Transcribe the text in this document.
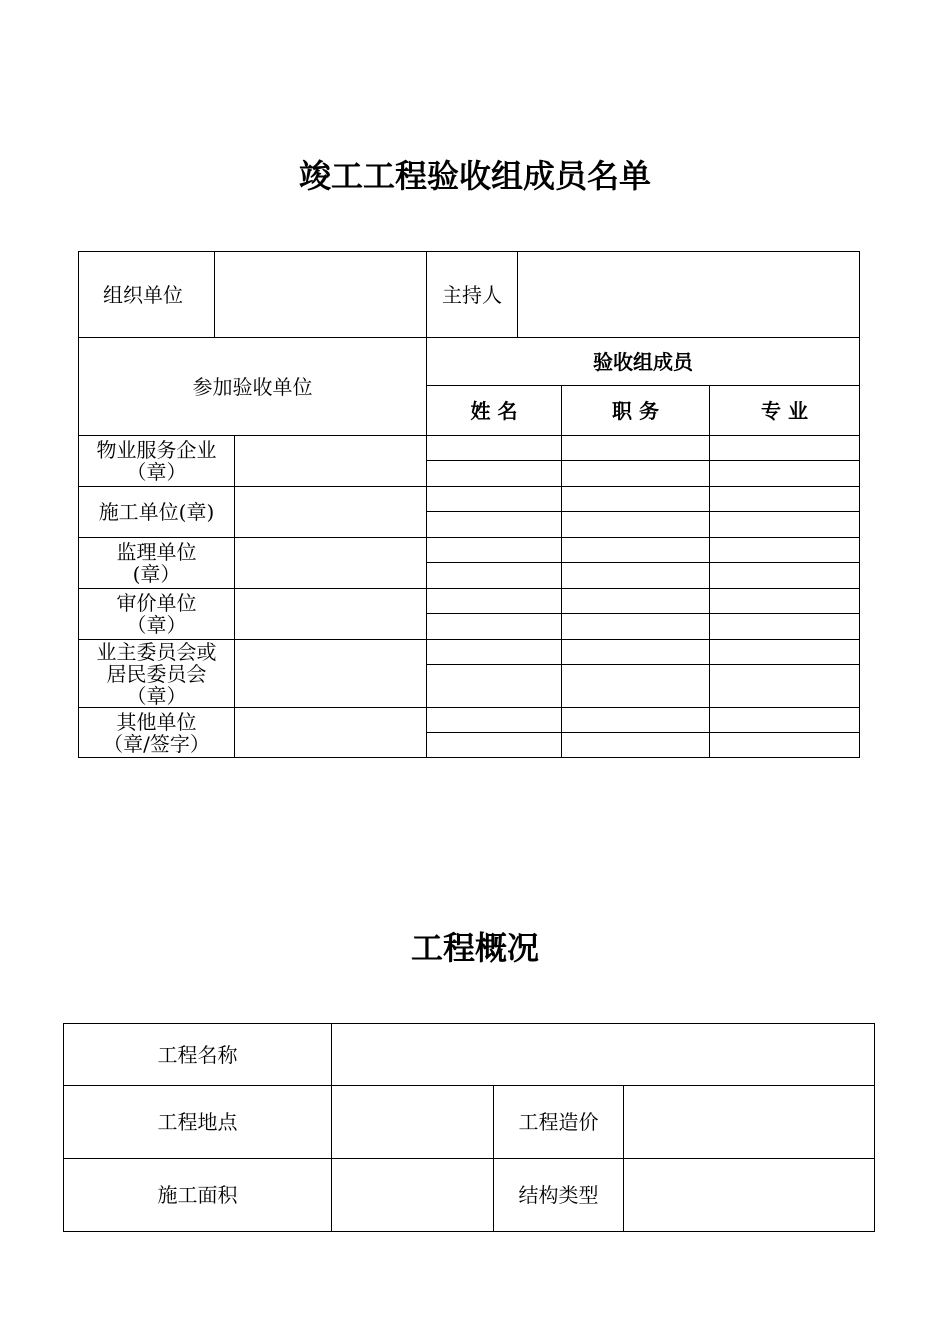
竣工工程验收组成员名单
组织单位			主持人			
参加验收单位			验收组成员			
			姓 名		职 务	专 业

物业服务企业
（章）						

施工单位(章)						

监理单位
(章）						

审价单位
（章）						

业主委员会或
居民委员会
（章）						

其他单位
（章/签字）						

工程概况
工程名称			
工程地点		工程造价	
施工面积		结构类型	
